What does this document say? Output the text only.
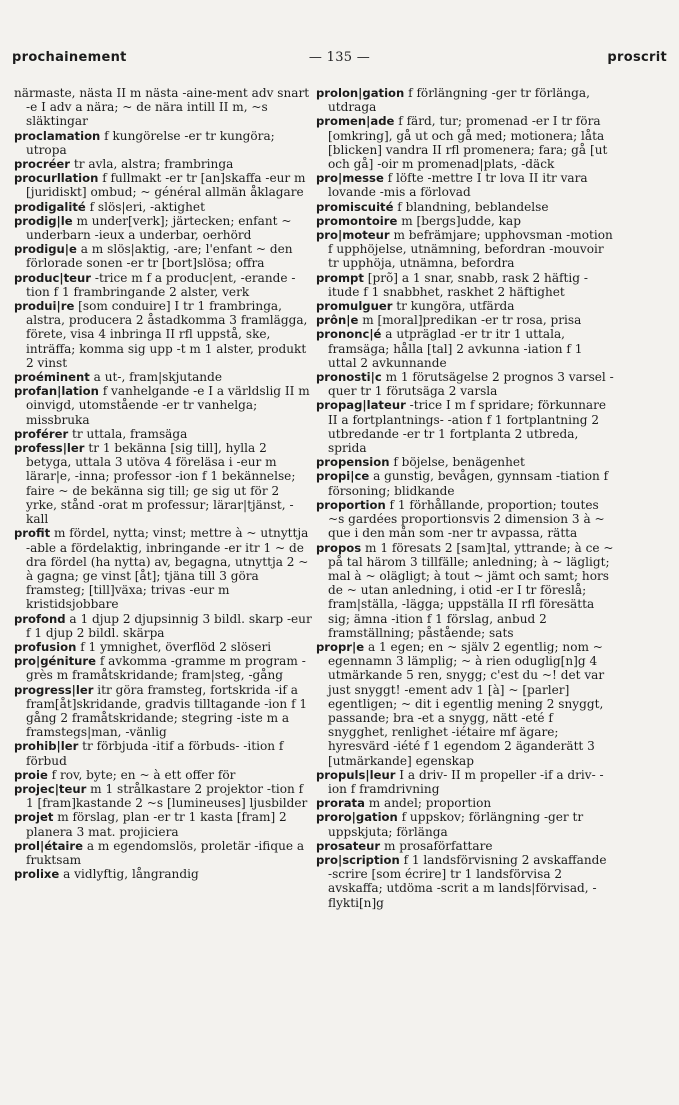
prochainement	— 135 —	proscrit

närmaste, nästa II m nästa -aine-ment adv snart -e I adv a nära; ~ de nära intill II m, ~s släktingar

proclamation f kungörelse -er tr kungöra; utropa

procréer tr avla, alstra; frambringa

procurllation f fullmakt -er tr [an]skaffa -eur m [juridiskt] ombud; ~ général allmän åklagare

prodigalité f slös|eri, -aktighet

prodig|le m under[verk]; järtecken; enfant ~ underbarn -ieux a underbar, oerhörd

prodigu|e a m slös|aktig, -are; l'enfant ~ den förlorade sonen -er tr [bort]slösa; offra

produc|teur -trice m f a produc|ent, -erande -tion f 1 frambringande 2 alster, verk

produi|re [som conduire] I tr 1 frambringa, alstra, producera 2 åstadkomma 3 framlägga, förete, visa 4 inbringa II rfl uppstå, ske, inträffa; komma sig upp -t m 1 alster, produkt 2 vinst

proéminent a ut-, fram|skjutande

profan|lation f vanhelgande -e I a världslig II m oinvigd, utomstående -er tr vanhelga; missbruka

proférer tr uttala, framsäga

profess|ler tr 1 bekänna [sig till], hylla 2 betyga, uttala 3 utöva 4 föreläsa i -eur m lärar|e, -inna; professor -ion f 1 bekännelse; faire ~ de bekänna sig till; ge sig ut för 2 yrke, stånd -orat m professur; lärar|tjänst, -kall

profit m fördel, nytta; vinst; mettre à ~ utnyttja -able a fördelaktig, inbringande -er itr 1 ~ de dra fördel (ha nytta) av, begagna, utnyttja 2 ~ à gagna; ge vinst [åt]; tjäna till 3 göra framsteg; [till]växa; trivas -eur m kristidsjobbare

profond a 1 djup 2 djupsinnig 3 bildl. skarp -eur f 1 djup 2 bildl. skärpa

profusion f 1 ymnighet, överflöd 2 slöseri

pro|géniture f avkomma -gramme m program -grès m framåtskridande; fram|steg, -gång

progress|ler itr göra framsteg, fortskrida -if a fram[åt]skridande, gradvis tilltagande -ion f 1 gång 2 framåtskridande; stegring -iste m a framstegs|man, -vänlig

prohib|ler tr förbjuda -itif a förbuds- -ition f förbud

proie f rov, byte; en ~ à ett offer för

projec|teur m 1 strålkastare 2 projektor -tion f 1 [fram]kastande 2 ~s [lumineuses] ljusbilder

projet m förslag, plan -er tr 1 kasta [fram] 2 planera 3 mat. projiciera

prol|étaire a m egendomslös, proletär -ifique a fruktsam

prolixe a vidlyftig, långrandig

prolon|gation f förlängning -ger tr förlänga, utdraga

promen|ade f färd, tur; promenad -er I tr föra [omkring], gå ut och gå med; motionera; låta [blicken] vandra II rfl promenera; fara; gå [ut och gå] -oir m promenad|plats, -däck

pro|messe f löfte -mettre I tr lova II itr vara lovande -mis a förlovad

promiscuité f blandning, beblandelse

promontoire m [bergs]udde, kap

pro|moteur m befrämjare; upphovsman -motion f upphöjelse, utnämning, befordran -mouvoir tr upphöja, utnämna, befordra

prompt [prõ] a 1 snar, snabb, rask 2 häftig -itude f 1 snabbhet, raskhet 2 häftighet

promulguer tr kungöra, utfärda

prôn|e m [moral]predikan -er tr rosa, prisa

prononc|é a utpräglad -er tr itr 1 uttala, framsäga; hålla [tal] 2 avkunna -iation f 1 uttal 2 avkunnande

pronosti|c m 1 förutsägelse 2 prognos 3 varsel -quer tr 1 förutsäga 2 varsla

propag|lateur -trice I m f spridare; förkunnare II a fortplantnings- -ation f 1 fortplantning 2 utbredande -er tr 1 fortplanta 2 utbreda, sprida

propension f böjelse, benägenhet

propi|ce a gunstig, bevågen, gynnsam -tiation f försoning; blidkande

proportion f 1 förhållande, proportion; toutes ~s gardées proportionsvis 2 dimension 3 à ~ que i den mån som -ner tr avpassa, rätta

propos m 1 föresats 2 [sam]tal, yttrande; à ce ~ på tal härom 3 tillfälle; anledning; à ~ lägligt; mal à ~ olägligt; à tout ~ jämt och samt; hors de ~ utan anledning, i otid -er I tr föreslå; fram|ställa, -lägga; uppställa II rfl föresätta sig; ämna -ition f 1 förslag, anbud 2 framställning; påstående; sats

propr|e a 1 egen; en ~ själv 2 egentlig; nom ~ egennamn 3 lämplig; ~ à rien oduglig[n]g 4 utmärkande 5 ren, snygg; c'est du ~! det var just snyggt! -ement adv 1 [à] ~ [parler] egentligen; ~ dit i egentlig mening 2 snyggt, passande; bra -et a snygg, nätt -eté f snygghet, renlighet -iétaire mf ägare; hyresvärd -iété f 1 egendom 2 äganderätt 3 [utmärkande] egenskap

propuls|leur I a driv- II m propeller -if a driv- -ion f framdrivning

prorata m andel; proportion

proro|gation f uppskov; förlängning -ger tr uppskjuta; förlänga

prosateur m prosaförfattare

pro|scription f 1 landsförvisning 2 avskaffande -scrire [som écrire] tr 1 landsförvisa 2 avskaffa; utdöma -scrit a m lands|förvisad, -flykti[n]g
